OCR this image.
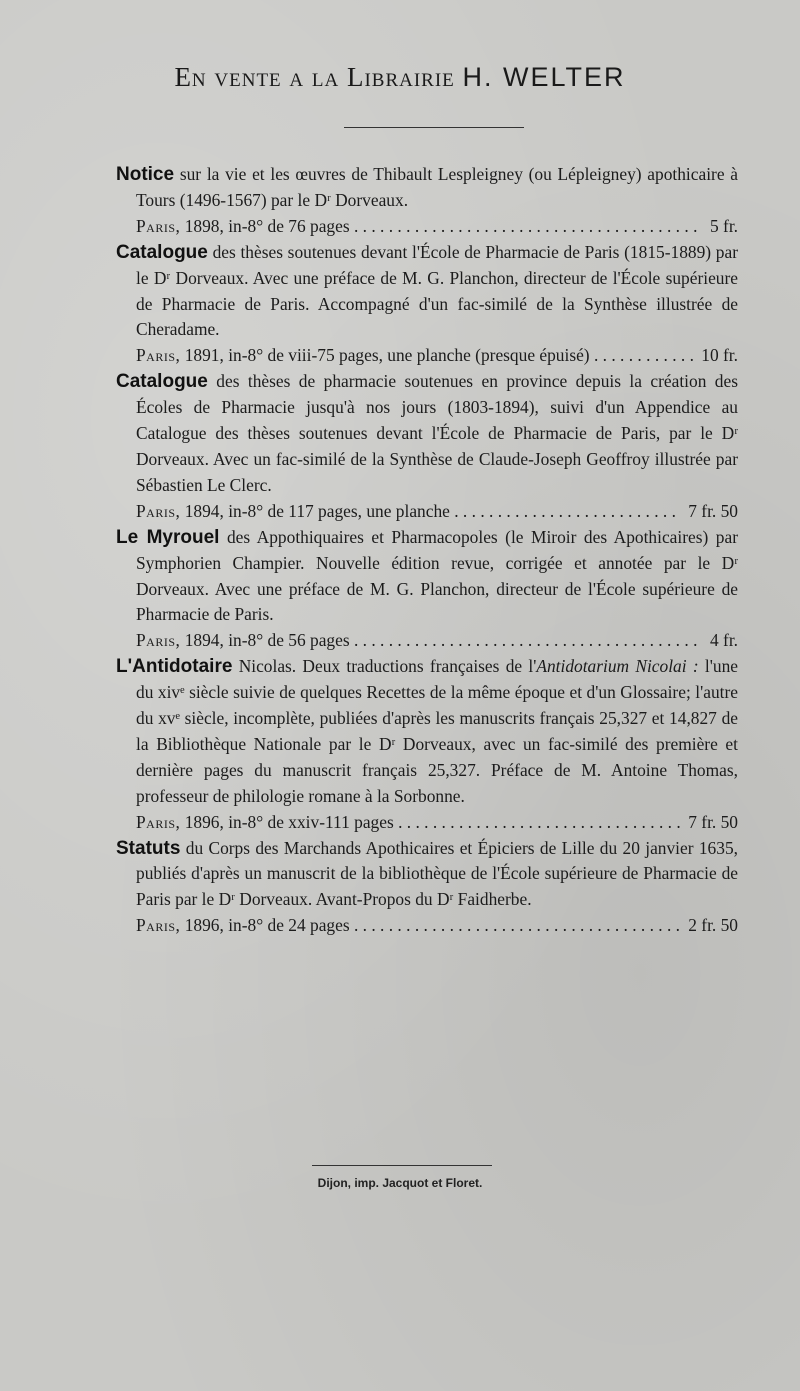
En vente a la Librairie H. WELTER

Notice sur la vie et les œuvres de Thibault Lespleigney (ou Lépleigney) apothicaire à Tours (1496-1567) par le Dʳ Dorveaux.
Paris, 1898, in-8° de 76 pages . . .	5 fr.

Catalogue des thèses soutenues devant l'École de Pharmacie de Paris (1815-1889) par le Dʳ Dorveaux. Avec une préface de M. G. Planchon, directeur de l'École supérieure de Pharmacie de Paris. Accompagné d'un fac-similé de la Synthèse illustrée de Cheradame.
Paris, 1891, in-8° de viii-75 pages, une planche (presque épuisé) . . .	10 fr.

Catalogue des thèses de pharmacie soutenues en province depuis la création des Écoles de Pharmacie jusqu'à nos jours (1803-1894), suivi d'un Appendice au Catalogue des thèses soutenues devant l'École de Pharmacie de Paris, par le Dʳ Dorveaux. Avec un fac-similé de la Synthèse de Claude-Joseph Geoffroy illustrée par Sébastien Le Clerc.
Paris, 1894, in-8° de 117 pages, une planche . . .	7 fr. 50

Le Myrouel des Appothiquaires et Pharmacopoles (le Miroir des Apothicaires) par Symphorien Champier. Nouvelle édition revue, corrigée et annotée par le Dʳ Dorveaux. Avec une préface de M. G. Planchon, directeur de l'École supérieure de Pharmacie de Paris.
Paris, 1894, in-8° de 56 pages . . .	4 fr.

L'Antidotaire Nicolas. Deux traductions françaises de l'Antidotarium Nicolai : l'une du xivᵉ siècle suivie de quelques Recettes de la même époque et d'un Glossaire; l'autre du xvᵉ siècle, incomplète, publiées d'après les manuscrits français 25,327 et 14,827 de la Bibliothèque Nationale par le Dʳ Dorveaux, avec un fac-similé des première et dernière pages du manuscrit français 25,327. Préface de M. Antoine Thomas, professeur de philologie romane à la Sorbonne.
Paris, 1896, in-8° de xxiv-111 pages . . .	7 fr. 50

Statuts du Corps des Marchands Apothicaires et Épiciers de Lille du 20 janvier 1635, publiés d'après un manuscrit de la bibliothèque de l'École supérieure de Pharmacie de Paris par le Dʳ Dorveaux. Avant-Propos du Dʳ Faidherbe.
Paris, 1896, in-8° de 24 pages . . .	2 fr. 50

Dijon, imp. Jacquot et Floret.
